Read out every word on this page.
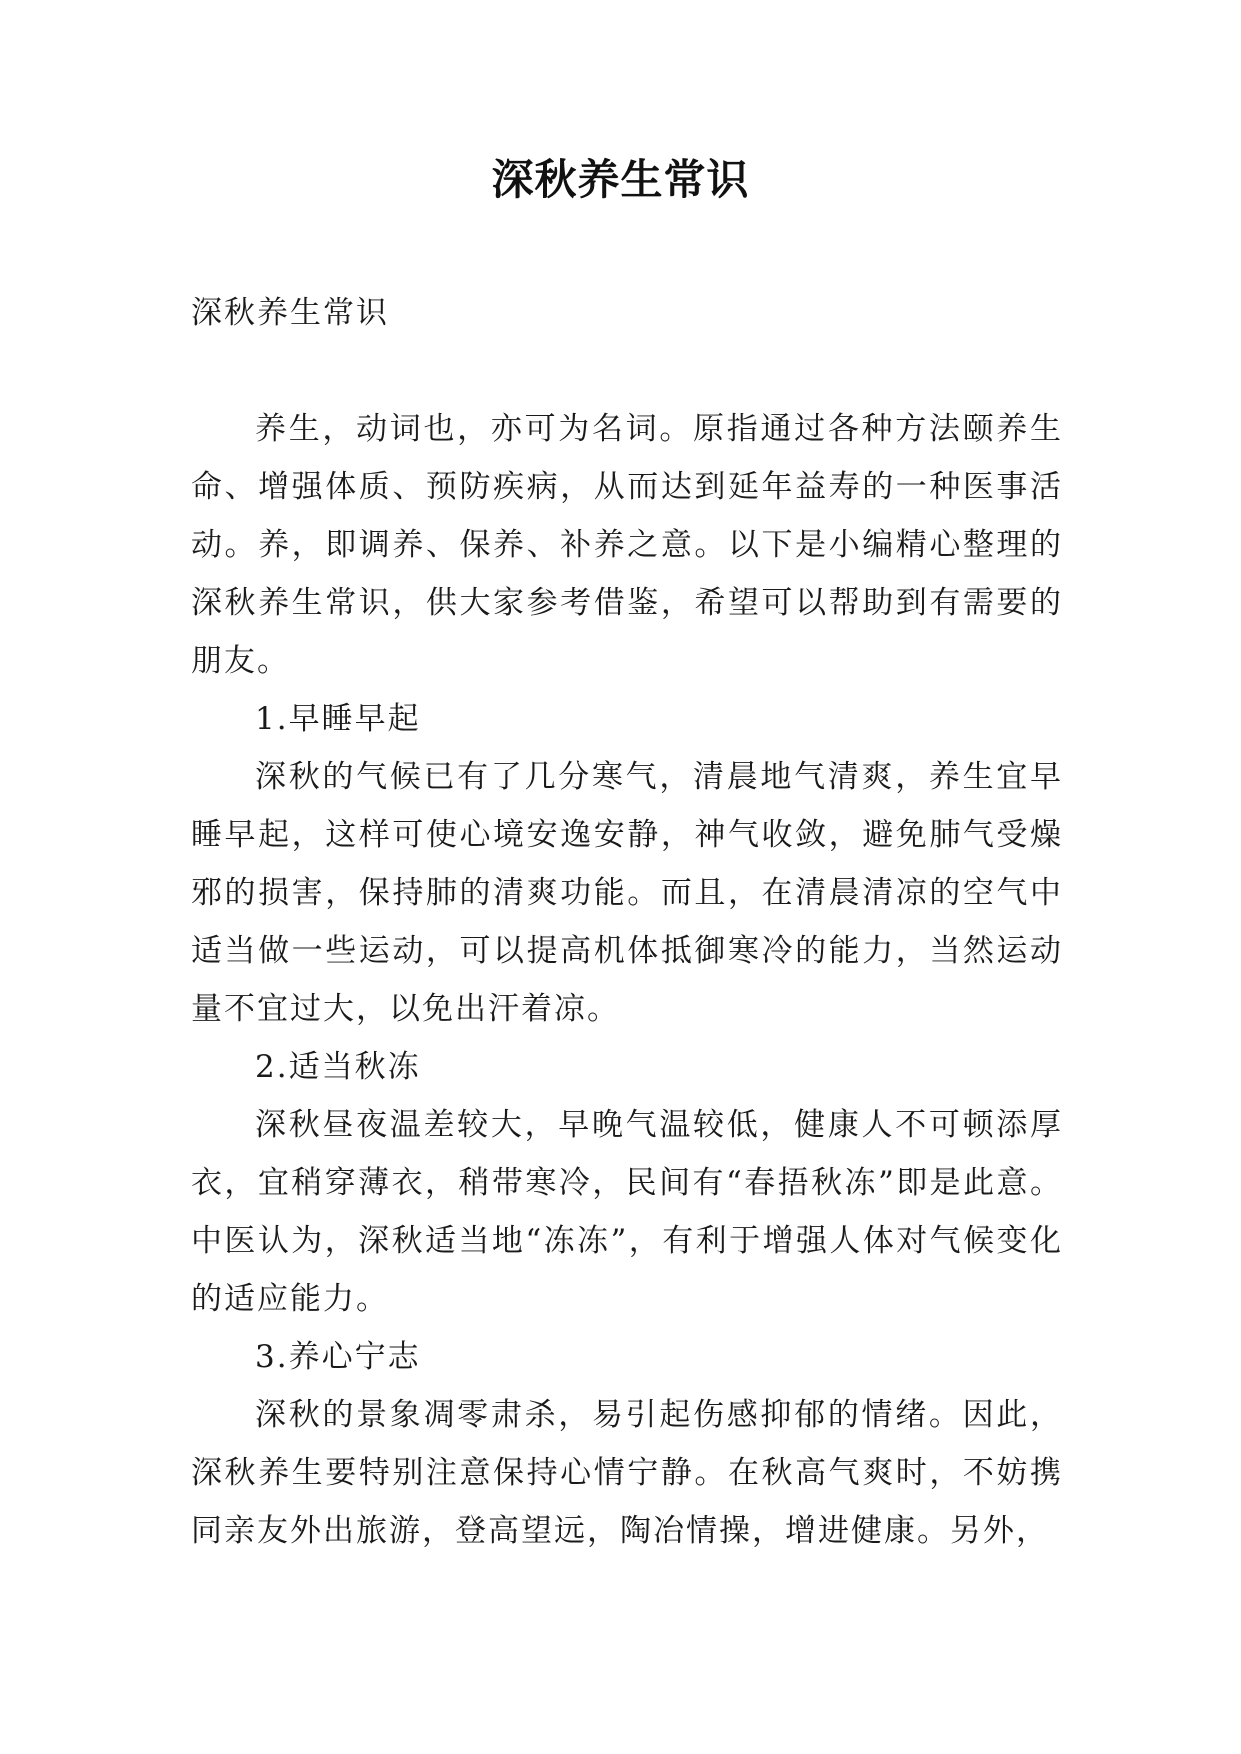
深秋养生常识

深秋养生常识

养生，动词也，亦可为名词。原指通过各种方法颐养生命、增强体质、预防疾病，从而达到延年益寿的一种医事活动。养，即调养、保养、补养之意。以下是小编精心整理的深秋养生常识，供大家参考借鉴，希望可以帮助到有需要的朋友。

1.早睡早起

深秋的气候已有了几分寒气，清晨地气清爽，养生宜早睡早起，这样可使心境安逸安静，神气收敛，避免肺气受燥邪的损害，保持肺的清爽功能。而且，在清晨清凉的空气中适当做一些运动，可以提高机体抵御寒冷的能力，当然运动量不宜过大，以免出汗着凉。

2.适当秋冻

深秋昼夜温差较大，早晚气温较低，健康人不可顿添厚衣，宜稍穿薄衣，稍带寒冷，民间有“春捂秋冻”即是此意。中医认为，深秋适当地“冻冻”，有利于增强人体对气候变化的适应能力。

3.养心宁志

深秋的景象凋零肃杀，易引起伤感抑郁的情绪。因此，深秋养生要特别注意保持心情宁静。在秋高气爽时，不妨携同亲友外出旅游，登高望远，陶冶情操，增进健康。另外，
